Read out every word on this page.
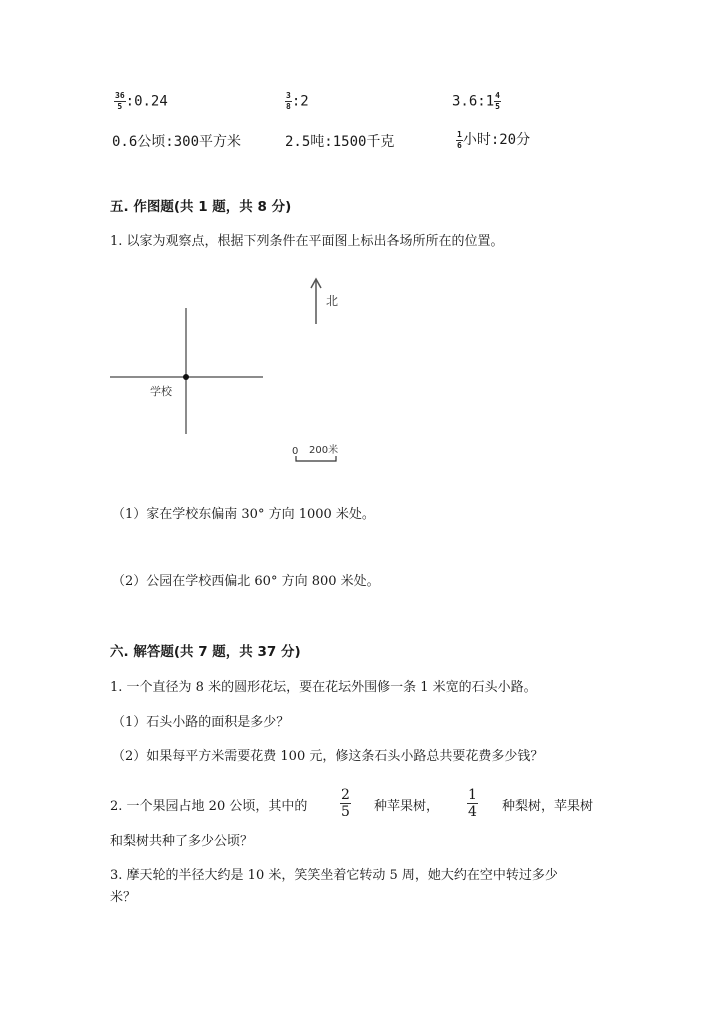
$\frac{36}{5}$ :0.24	$\frac{3}{8}$ :2	3.6:1 $\frac{4}{5}$
0.6公顷:300平方米	2.5吨:1500千克	$\frac{1}{6}$ 小时:20分
五. 作图题(共 1 题，共 8 分)
1. 以家为观察点，根据下列条件在平面图上标出各场所所在的位置。
北
学校
0 200米
（1）家在学校东偏南 30° 方向 1000 米处。
（2）公园在学校西偏北 60° 方向 800 米处。
六. 解答题(共 7 题，共 37 分)
1. 一个直径为 8 米的圆形花坛，要在花坛外围修一条 1 米宽的石头小路。
（1）石头小路的面积是多少？
（2）如果每平方米需要花费 100 元，修这条石头小路总共要花费多少钱？
2. 一个果园占地 20 公顷，其中的 $\frac{2}{5}$ 种苹果树， $\frac{1}{4}$ 种梨树，苹果树
和梨树共种了多少公顷？
3. 摩天轮的半径大约是 10 米，笑笑坐着它转动 5 周，她大约在空中转过多少
米？
